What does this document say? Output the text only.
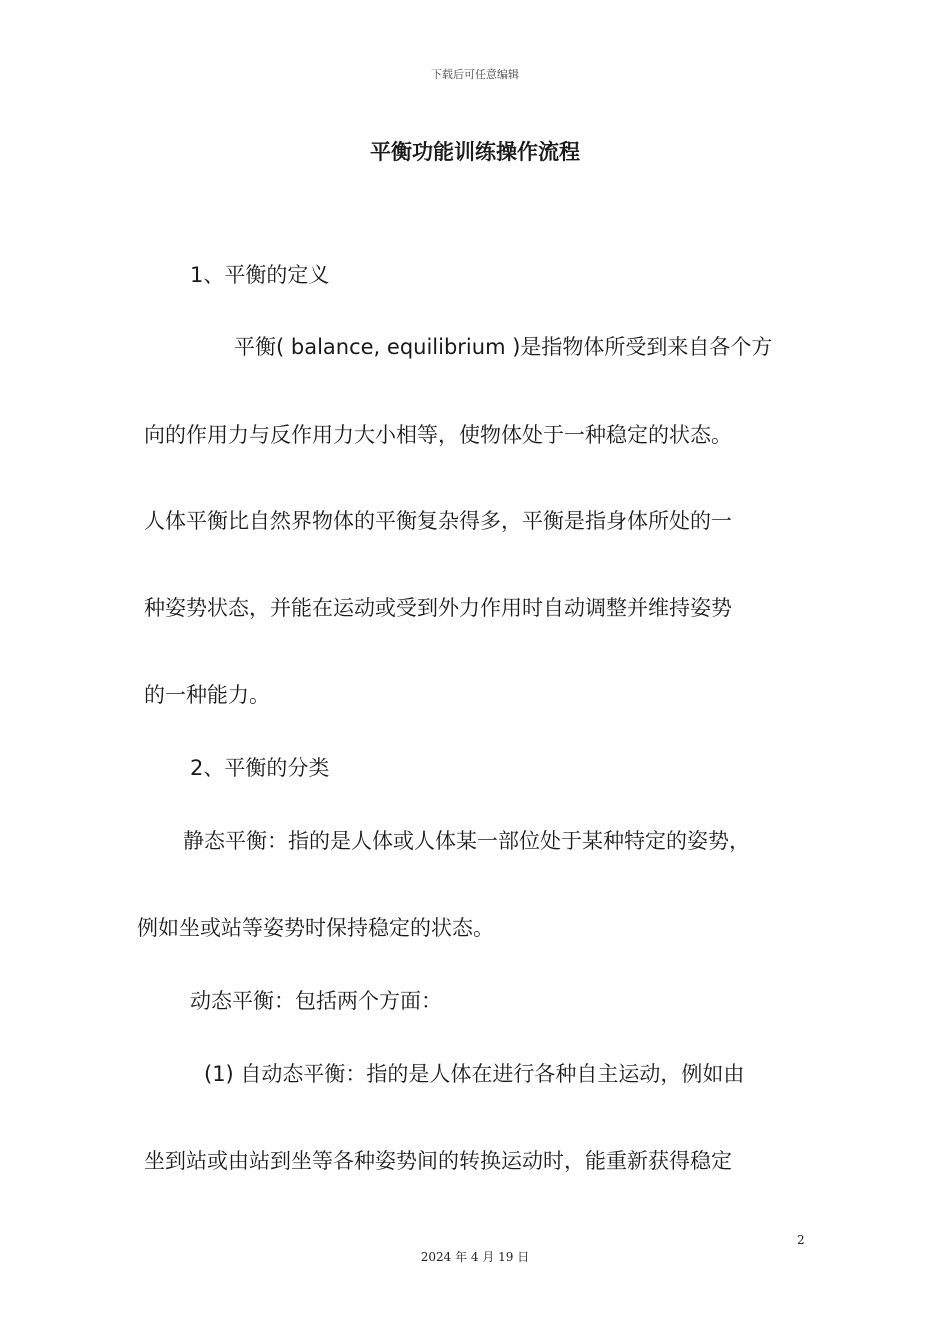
下载后可任意编辑
平衡功能训练操作流程
1、平衡的定义
平衡( balance, equilibrium )是指物体所受到来自各个方
向的作用力与反作用力大小相等，使物体处于一种稳定的状态。
人体平衡比自然界物体的平衡复杂得多，平衡是指身体所处的一
种姿势状态，并能在运动或受到外力作用时自动调整并维持姿势
的一种能力。
2、平衡的分类
静态平衡：指的是人体或人体某一部位处于某种特定的姿势，
例如坐或站等姿势时保持稳定的状态。
动态平衡：包括两个方面：
(1) 自动态平衡：指的是人体在进行各种自主运动，例如由
坐到站或由站到坐等各种姿势间的转换运动时，能重新获得稳定
2
2024 年 4 月 19 日
